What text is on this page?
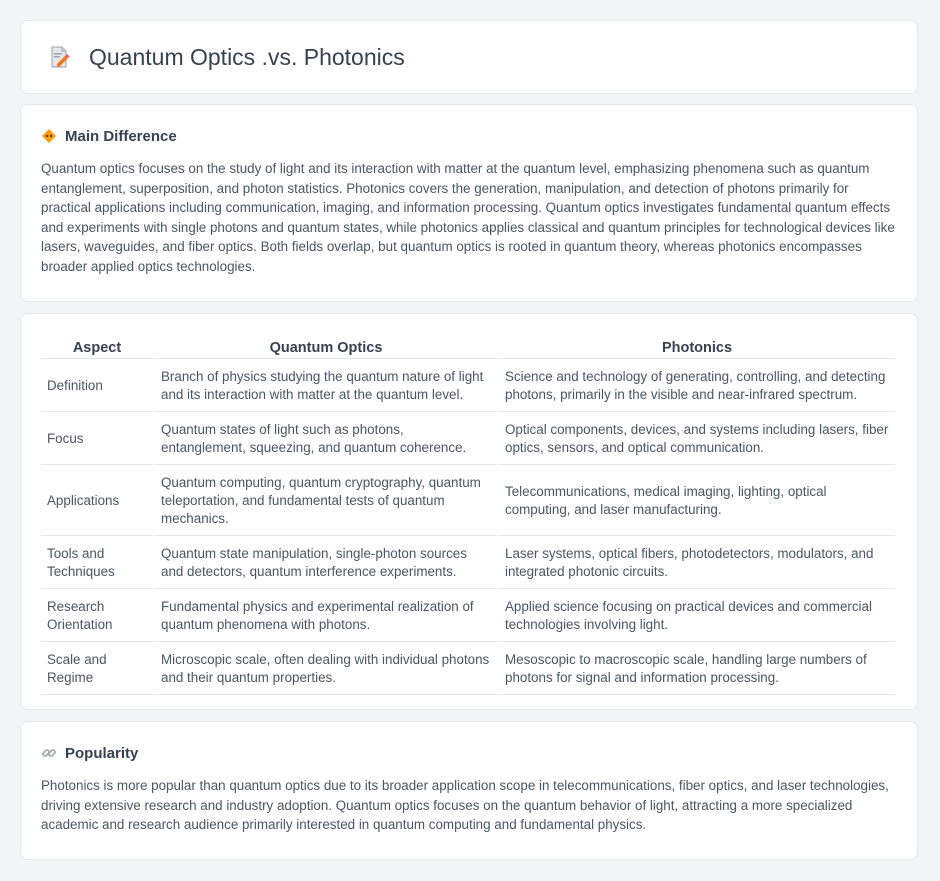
Quantum Optics .vs. Photonics
Main Difference

Quantum optics focuses on the study of light and its interaction with matter at the quantum level, emphasizing phenomena such as quantum entanglement, superposition, and photon statistics. Photonics covers the generation, manipulation, and detection of photons primarily for practical applications including communication, imaging, and information processing. Quantum optics investigates fundamental quantum effects and experiments with single photons and quantum states, while photonics applies classical and quantum principles for technological devices like lasers, waveguides, and fiber optics. Both fields overlap, but quantum optics is rooted in quantum theory, whereas photonics encompasses broader applied optics technologies.

Aspect	Quantum Optics	Photonics
Definition	Branch of physics studying the quantum nature of light and its interaction with matter at the quantum level.	Science and technology of generating, controlling, and detecting photons, primarily in the visible and near-infrared spectrum.
Focus	Quantum states of light such as photons, entanglement, squeezing, and quantum coherence.	Optical components, devices, and systems including lasers, fiber optics, sensors, and optical communication.
Applications	Quantum computing, quantum cryptography, quantum teleportation, and fundamental tests of quantum mechanics.	Telecommunications, medical imaging, lighting, optical computing, and laser manufacturing.
Tools and Techniques	Quantum state manipulation, single-photon sources and detectors, quantum interference experiments.	Laser systems, optical fibers, photodetectors, modulators, and integrated photonic circuits.
Research Orientation	Fundamental physics and experimental realization of quantum phenomena with photons.	Applied science focusing on practical devices and commercial technologies involving light.
Scale and Regime	Microscopic scale, often dealing with individual photons and their quantum properties.	Mesoscopic to macroscopic scale, handling large numbers of photons for signal and information processing.
Popularity

Photonics is more popular than quantum optics due to its broader application scope in telecommunications, fiber optics, and laser technologies, driving extensive research and industry adoption. Quantum optics focuses on the quantum behavior of light, attracting a more specialized academic and research audience primarily interested in quantum computing and fundamental physics.
